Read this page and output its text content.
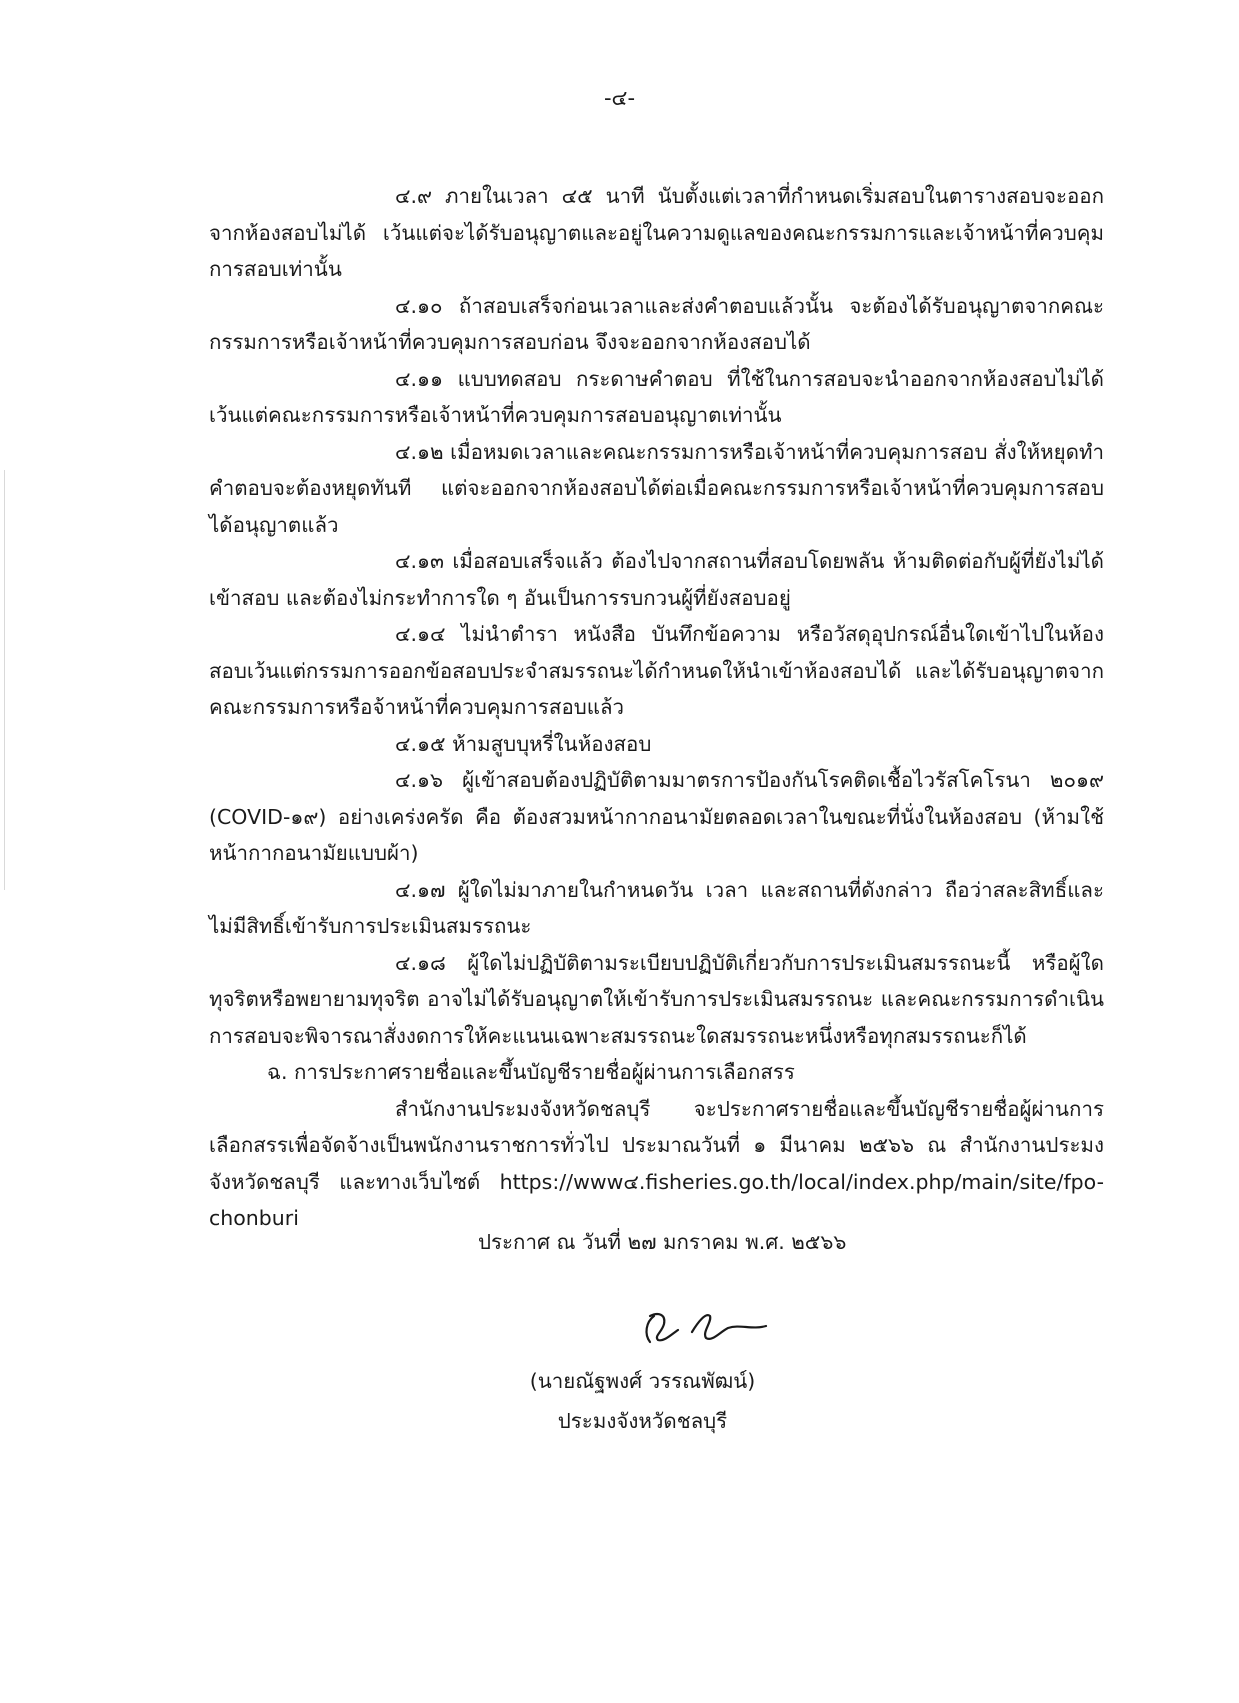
-๔-

๔.๙ ภายในเวลา ๔๕ นาที นับตั้งแต่เวลาที่กำหนดเริ่มสอบในตารางสอบจะออกจากห้องสอบไม่ได้ เว้นแต่จะได้รับอนุญาตและอยู่ในความดูแลของคณะกรรมการและเจ้าหน้าที่ควบคุมการสอบเท่านั้น

๔.๑๐ ถ้าสอบเสร็จก่อนเวลาและส่งคำตอบแล้วนั้น จะต้องได้รับอนุญาตจากคณะกรรมการหรือเจ้าหน้าที่ควบคุมการสอบก่อน จึงจะออกจากห้องสอบได้

๔.๑๑ แบบทดสอบ กระดาษคำตอบ ที่ใช้ในการสอบจะนำออกจากห้องสอบไม่ได้ เว้นแต่คณะกรรมการหรือเจ้าหน้าที่ควบคุมการสอบอนุญาตเท่านั้น

๔.๑๒ เมื่อหมดเวลาและคณะกรรมการหรือเจ้าหน้าที่ควบคุมการสอบ สั่งให้หยุดทำคำตอบจะต้องหยุดทันที แต่จะออกจากห้องสอบได้ต่อเมื่อคณะกรรมการหรือเจ้าหน้าที่ควบคุมการสอบได้อนุญาตแล้ว

๔.๑๓ เมื่อสอบเสร็จแล้ว ต้องไปจากสถานที่สอบโดยพลัน ห้ามติดต่อกับผู้ที่ยังไม่ได้เข้าสอบ และต้องไม่กระทำการใด ๆ อันเป็นการรบกวนผู้ที่ยังสอบอยู่

๔.๑๔ ไม่นำตำรา หนังสือ บันทึกข้อความ หรือวัสดุอุปกรณ์อื่นใดเข้าไปในห้องสอบเว้นแต่กรรมการออกข้อสอบประจำสมรรถนะได้กำหนดให้นำเข้าห้องสอบได้ และได้รับอนุญาตจากคณะกรรมการหรือจ้าหน้าที่ควบคุมการสอบแล้ว

๔.๑๕ ห้ามสูบบุหรี่ในห้องสอบ

๔.๑๖ ผู้เข้าสอบต้องปฏิบัติตามมาตรการป้องกันโรคติดเชื้อไวรัสโคโรนา ๒๐๑๙ (COVID-๑๙) อย่างเคร่งครัด คือ ต้องสวมหน้ากากอนามัยตลอดเวลาในขณะที่นั่งในห้องสอบ (ห้ามใช้หน้ากากอนามัยแบบผ้า)

๔.๑๗ ผู้ใดไม่มาภายในกำหนดวัน เวลา และสถานที่ดังกล่าว ถือว่าสละสิทธิ์และไม่มีสิทธิ์เข้ารับการประเมินสมรรถนะ

๔.๑๘ ผู้ใดไม่ปฏิบัติตามระเบียบปฏิบัติเกี่ยวกับการประเมินสมรรถนะนี้ หรือผู้ใดทุจริตหรือพยายามทุจริต อาจไม่ได้รับอนุญาตให้เข้ารับการประเมินสมรรถนะ และคณะกรรมการดำเนินการสอบจะพิจารณาสั่งงดการให้คะแนนเฉพาะสมรรถนะใดสมรรถนะหนึ่งหรือทุกสมรรถนะก็ได้

ฉ. การประกาศรายชื่อและขึ้นบัญชีรายชื่อผู้ผ่านการเลือกสรร

สำนักงานประมงจังหวัดชลบุรี จะประกาศรายชื่อและขึ้นบัญชีรายชื่อผู้ผ่านการเลือกสรรเพื่อจัดจ้างเป็นพนักงานราชการทั่วไป ประมาณวันที่ ๑ มีนาคม ๒๕๖๖ ณ สำนักงานประมงจังหวัดชลบุรี และทางเว็บไซต์ https://www๔.fisheries.go.th/local/index.php/main/site/fpo-chonburi

ประกาศ ณ วันที่ ๒๗ มกราคม พ.ศ. ๒๕๖๖
(นายณัฐพงศ์ วรรณพัฒน์)
ประมงจังหวัดชลบุรี
